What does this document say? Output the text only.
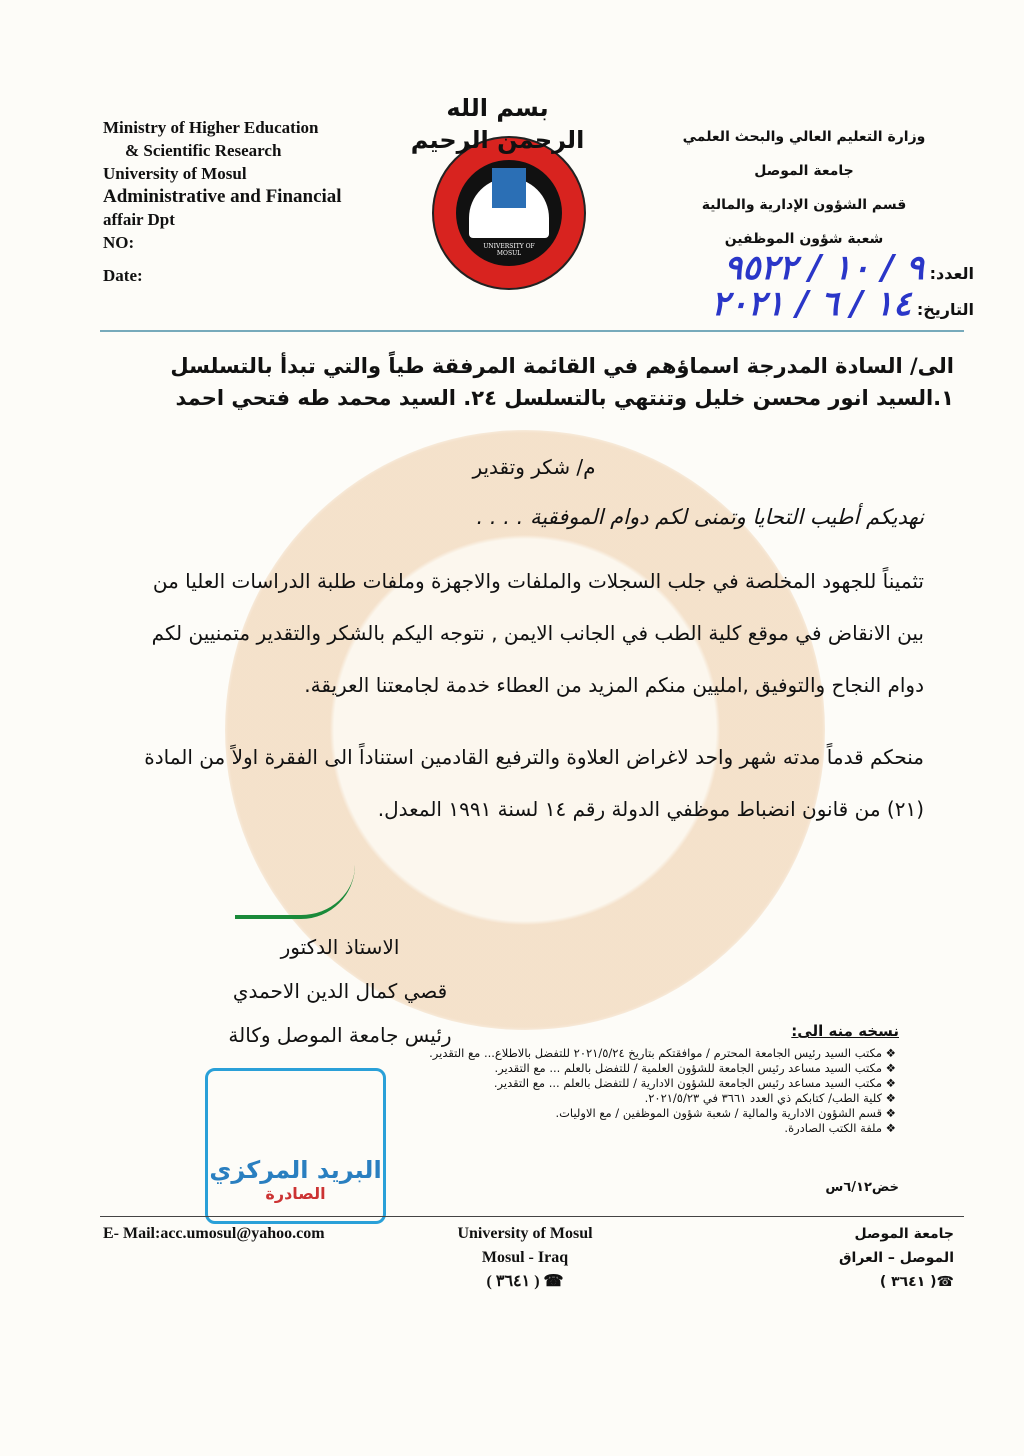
بسم الله الرحمن الرحيم
UNIVERSITY OF MOSUL
Ministry of Higher Education
& Scientific Research
University of Mosul
Administrative and Financial
affair Dpt
NO:
Date:
وزارة التعليم العالي والبحث العلمي
جامعة الموصل
قسم الشؤون الإدارية والمالية
شعبة شؤون الموظفين
العدد: ٩ / ١٠ / ٩٥٢٢
التاريخ: ١٤ / ٦ / ٢٠٢١
الى/ السادة المدرجة اسماؤهم في القائمة المرفقة طياً والتي تبدأ بالتسلسل
١.السيد انور محسن خليل وتنتهي بالتسلسل ٢٤. السيد محمد طه فتحي احمد
م/ شكر وتقدير
نهديكم أطيب التحايا وتمنى لكم دوام الموفقية . . . .

تثميناً للجهود المخلصة في جلب السجلات والملفات والاجهزة وملفات طلبة الدراسات العليا من بين الانقاض في موقع كلية الطب في الجانب الايمن , نتوجه اليكم بالشكر والتقدير متمنيين لكم دوام النجاح والتوفيق ,امليين منكم المزيد من العطاء خدمة لجامعتنا العريقة.

منحكم قدماً مدته شهر واحد لاغراض العلاوة والترفيع القادمين استناداً الى الفقرة اولاً من المادة (٢١) من قانون انضباط موظفي الدولة رقم ١٤ لسنة ١٩٩١ المعدل.

الاستاذ الدكتور
قصي كمال الدين الاحمدي
رئيس جامعة الموصل وكالة	نسخه منه الى:
❖ مكتب السيد رئيس الجامعة المحترم / موافقتكم بتاريخ ٢٠٢١/٥/٢٤ للتفضل بالاطلاع... مع التقدير.
❖ مكتب السيد مساعد رئيس الجامعة للشؤون العلمية / للتفضل بالعلم ... مع التقدير.
❖ مكتب السيد مساعد رئيس الجامعة للشؤون الادارية / للتفضل بالعلم ... مع التقدير.
❖ كلية الطب/ كتابكم ذي العدد ٣٦٦١ في ٢٠٢١/٥/٢٣.
❖ قسم الشؤون الادارية والمالية / شعبة شؤون الموظفين / مع الاوليات.
❖ ملفة الكتب الصادرة.
خض٦/١٢س
البريد المركزي
الصادرة
E- Mail:acc.umosul@yahoo.com	University of Mosul
Mosul - Iraq
( ٣٦٤١ ) ☎
جامعة الموصل
الموصل – العراق
☎( ٣٦٤١ )
